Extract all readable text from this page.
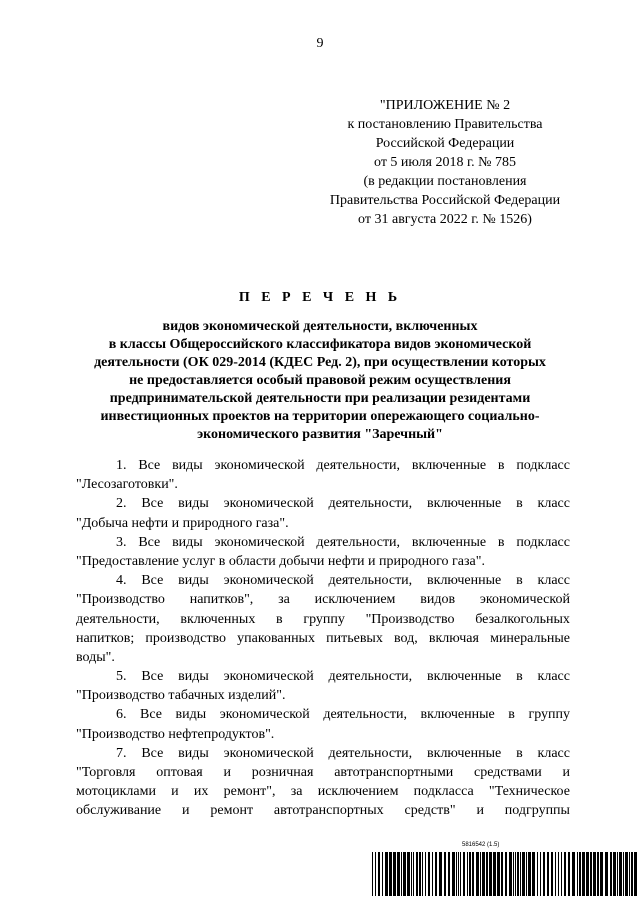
9
"ПРИЛОЖЕНИЕ № 2
к постановлению Правительства
Российской Федерации
от 5 июля 2018 г. № 785
(в редакции постановления
Правительства Российской Федерации
от 31 августа 2022 г. № 1526)
П Е Р Е Ч Е Н Ь
видов экономической деятельности, включенных
в классы Общероссийского классификатора видов экономической
деятельности (ОК 029-2014 (КДЕС Ред. 2), при осуществлении которых
не предоставляется особый правовой режим осуществления
предпринимательской деятельности при реализации резидентами
инвестиционных проектов на территории опережающего социально-
экономического развития "Заречный"
1. Все виды экономической деятельности, включенные в подкласс
"Лесозаготовки".
2. Все виды экономической деятельности, включенные в класс
"Добыча нефти и природного газа".
3. Все виды экономической деятельности, включенные в подкласс
"Предоставление услуг в области добычи нефти и природного газа".
4. Все виды экономической деятельности, включенные в класс
"Производство напитков", за исключением видов экономической
деятельности, включенных в группу "Производство безалкогольных
напитков; производство упакованных питьевых вод, включая минеральные
воды".
5. Все виды экономической деятельности, включенные в класс
"Производство табачных изделий".
6. Все виды экономической деятельности, включенные в группу
"Производство нефтепродуктов".
7. Все виды экономической деятельности, включенные в класс
"Торговля оптовая и розничная автотранспортными средствами и
мотоциклами и их ремонт", за исключением подкласса "Техническое
обслуживание и ремонт автотранспортных средств" и подгруппы
5816542 (1.5)
